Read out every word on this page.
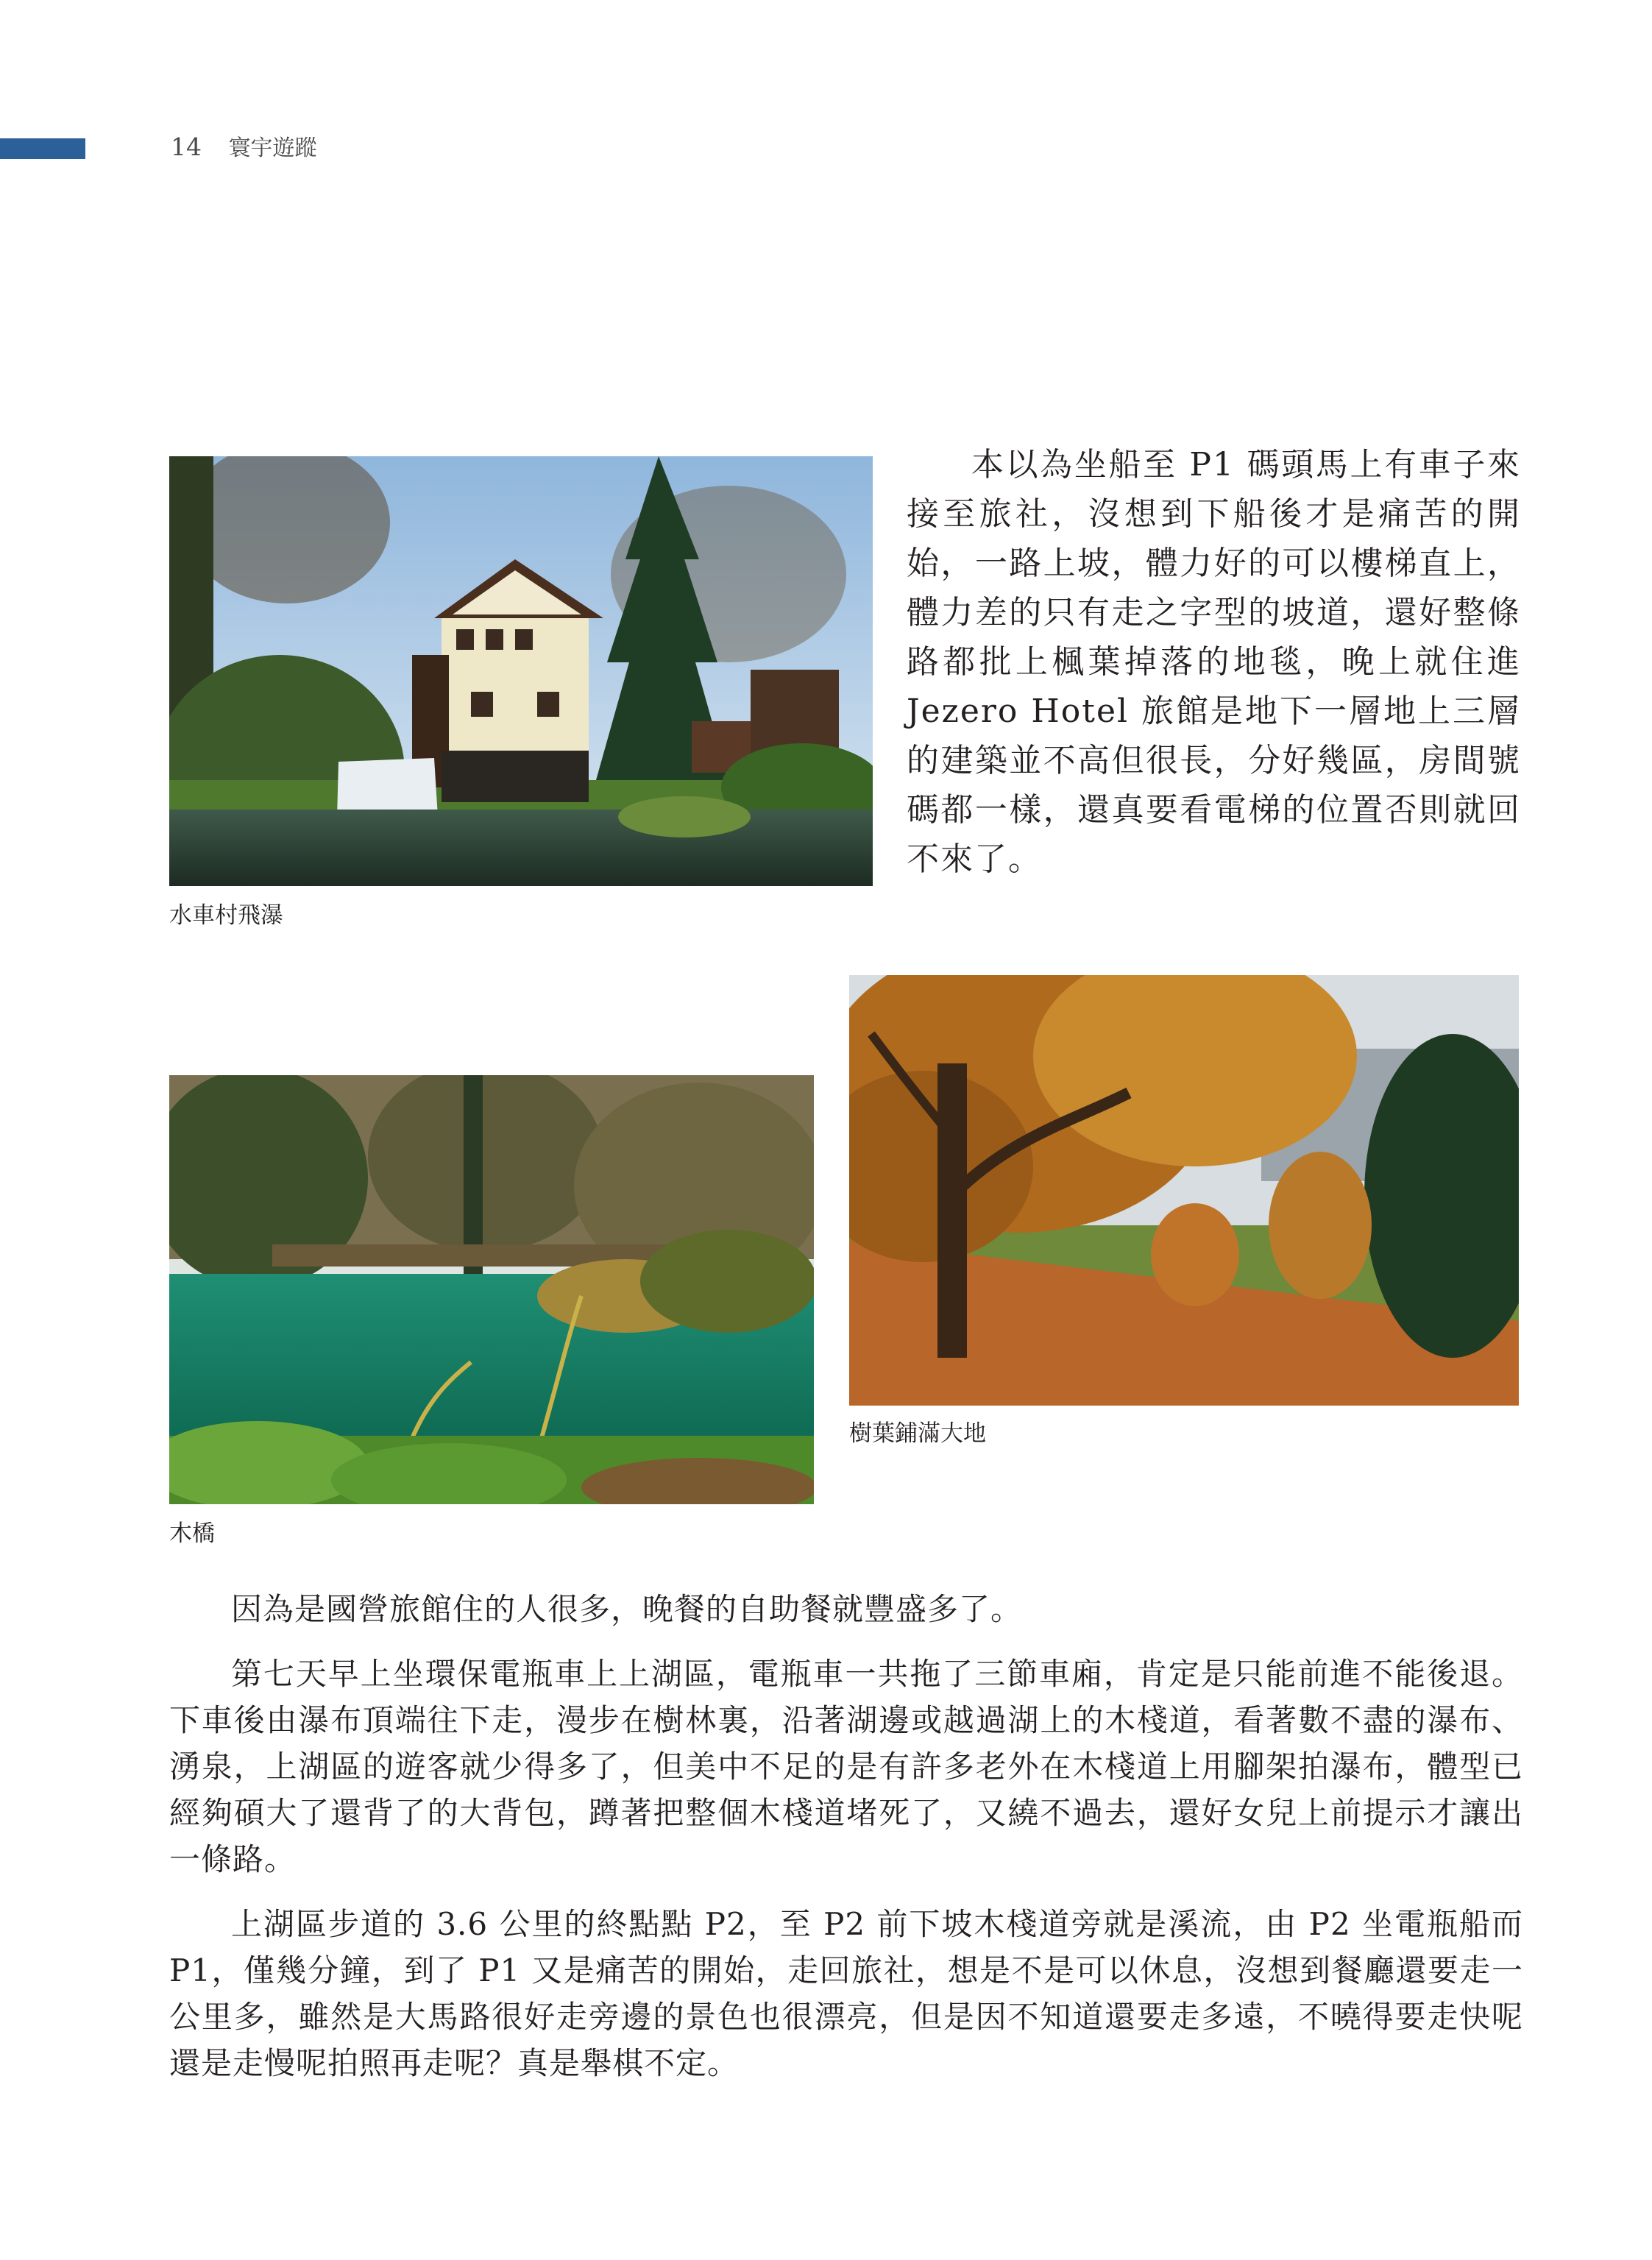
14 寰宇遊蹤
水車村飛瀑

本以為坐船至 P1 碼頭馬上有車子來接至旅社，沒想到下船後才是痛苦的開始，一路上坡，體力好的可以樓梯直上，體力差的只有走之字型的坡道，還好整條路都批上楓葉掉落的地毯，晚上就住進 Jezero Hotel 旅館是地下一層地上三層的建築並不高但很長，分好幾區，房間號碼都一樣，還真要看電梯的位置否則就回不來了。

木橋
樹葉鋪滿大地

因為是國營旅館住的人很多，晚餐的自助餐就豐盛多了。

第七天早上坐環保電瓶車上上湖區，電瓶車一共拖了三節車廂，肯定是只能前進不能後退。下車後由瀑布頂端往下走，漫步在樹林裏，沿著湖邊或越過湖上的木棧道，看著數不盡的瀑布、湧泉，上湖區的遊客就少得多了，但美中不足的是有許多老外在木棧道上用腳架拍瀑布，體型已經夠碩大了還背了的大背包，蹲著把整個木棧道堵死了，又繞不過去，還好女兒上前提示才讓出一條路。

上湖區步道的 3.6 公里的終點點 P2，至 P2 前下坡木棧道旁就是溪流，由 P2 坐電瓶船而 P1，僅幾分鐘，到了 P1 又是痛苦的開始，走回旅社，想是不是可以休息，沒想到餐廳還要走一公里多，雖然是大馬路很好走旁邊的景色也很漂亮，但是因不知道還要走多遠，不曉得要走快呢還是走慢呢拍照再走呢？真是舉棋不定。
